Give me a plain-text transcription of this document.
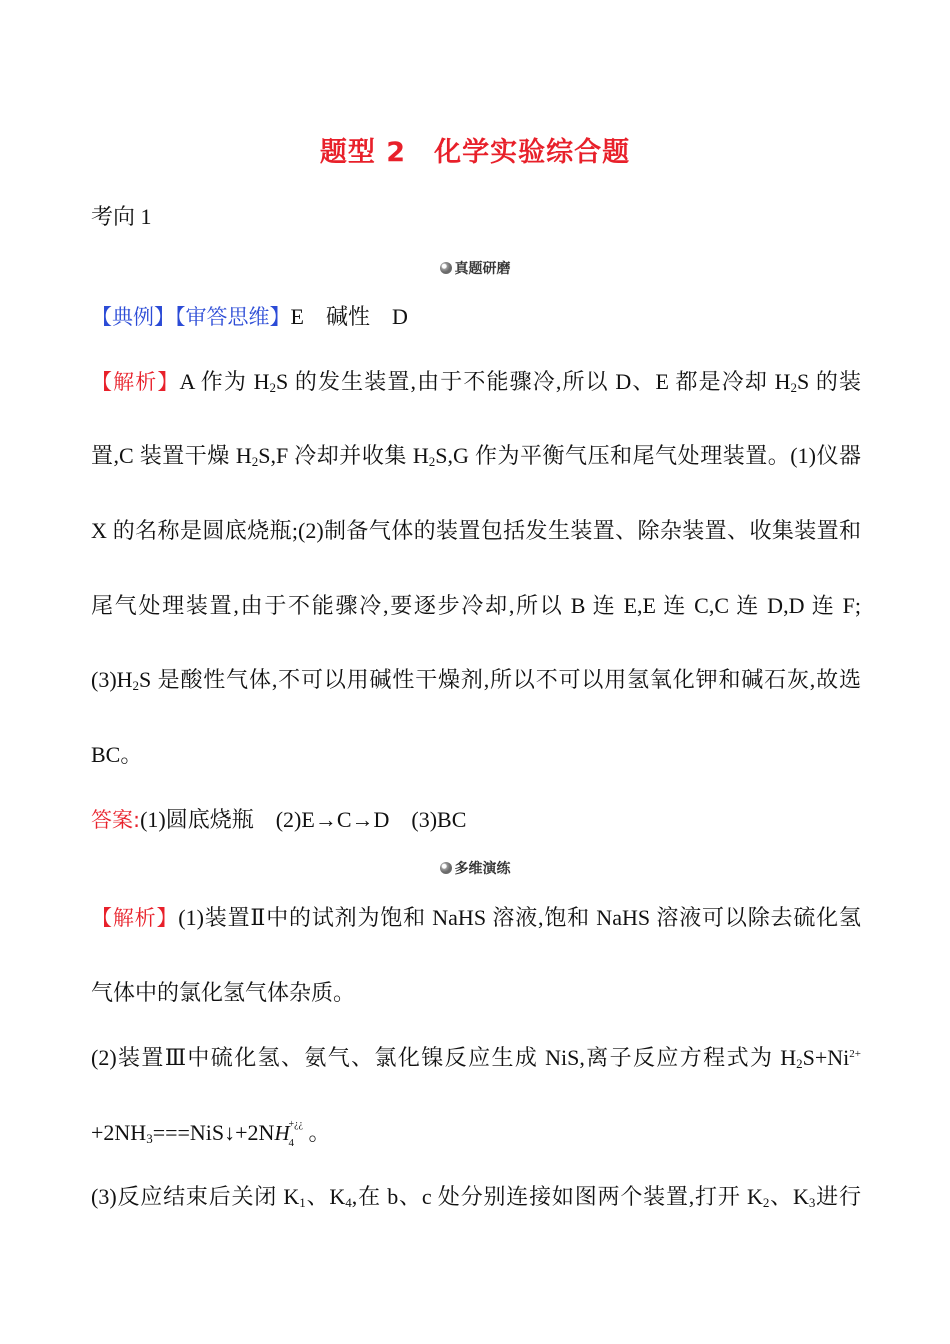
题型 2　化学实验综合题
考向 1
真题研磨
【典例】【审答思维】E　碱性　D
【解析】A 作为 $H_2S$ 的发生装置,由于不能骤冷,所以 D、E 都是冷却 $H_2S$ 的装
置,C 装置干燥 $H_2S,F$ 冷却并收集 $H_2S,G$ 作为平衡气压和尾气处理装置。(1)仪器
X 的名称是圆底烧瓶;(2)制备气体的装置包括发生装置、除杂装置、收集装置和
尾气处理装置,由于不能骤冷,要逐步冷却,所以 B 连 E,E 连 C,C 连 D,D 连 F;
$(3)H_2S$ 是酸性气体,不可以用碱性干燥剂,所以不可以用氢氧化钾和碱石灰,故选
BC。
答案:(1)圆底烧瓶　(2)E→C→D　(3)BC
多维演练
【解析】(1)装置Ⅱ中的试剂为饱和 NaHS 溶液,饱和 NaHS 溶液可以除去硫化氢
气体中的氯化氢气体杂质。
(2)装置Ⅲ中硫化氢、氨气、氯化镍反应生成 NiS,离子反应方程式为 $H_2S+Ni^{2+}$
$+2NH_3===NiS↓+2NH$
+¿¿
4 。
(3)反应结束后关闭 $K_1$、$K_4$,在 b、c 处分别连接如图两个装置,打开 $K_2$、$K_3$进行
